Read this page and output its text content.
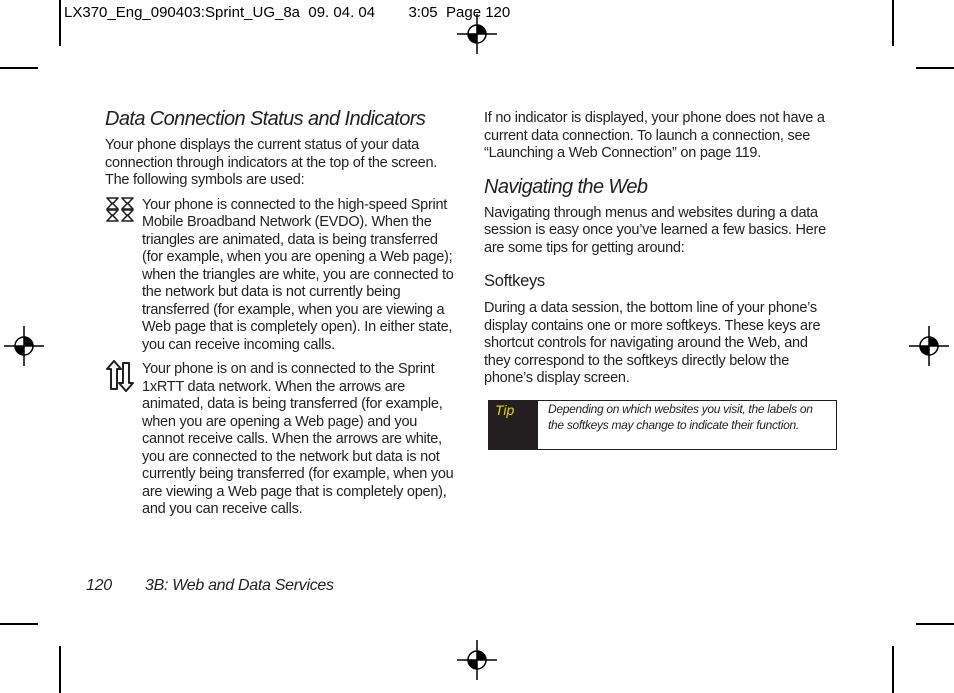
LX370_Eng_090403:Sprint_UG_8a 09. 04. 04 3:05 Page 120
Data Connection Status and Indicators

Your phone displays the current status of your data connection through indicators at the top of the screen. The following symbols are used:

Your phone is connected to the high-speed Sprint Mobile Broadband Network (EVDO). When the triangles are animated, data is being transferred (for example, when you are opening a Web page); when the triangles are white, you are connected to the network but data is not currently being transferred (for example, when you are viewing a Web page that is completely open). In either state, you can receive incoming calls.

Your phone is on and is connected to the Sprint 1xRTT data network. When the arrows are animated, data is being transferred (for example, when you are opening a Web page) and you cannot receive calls. When the arrows are white, you are connected to the network but data is not currently being transferred (for example, when you are viewing a Web page that is completely open), and you can receive calls.

If no indicator is displayed, your phone does not have a current data connection. To launch a connection, see “Launching a Web Connection” on page 119.

Navigating the Web

Navigating through menus and websites during a data session is easy once you’ve learned a few basics. Here are some tips for getting around:

Softkeys

During a data session, the bottom line of your phone’s display contains one or more softkeys. These keys are shortcut controls for navigating around the Web, and they correspond to the softkeys directly below the phone’s display screen.

Tip	Depending on which websites you visit, the labels on the softkeys may change to indicate their function.
120 3B: Web and Data Services
